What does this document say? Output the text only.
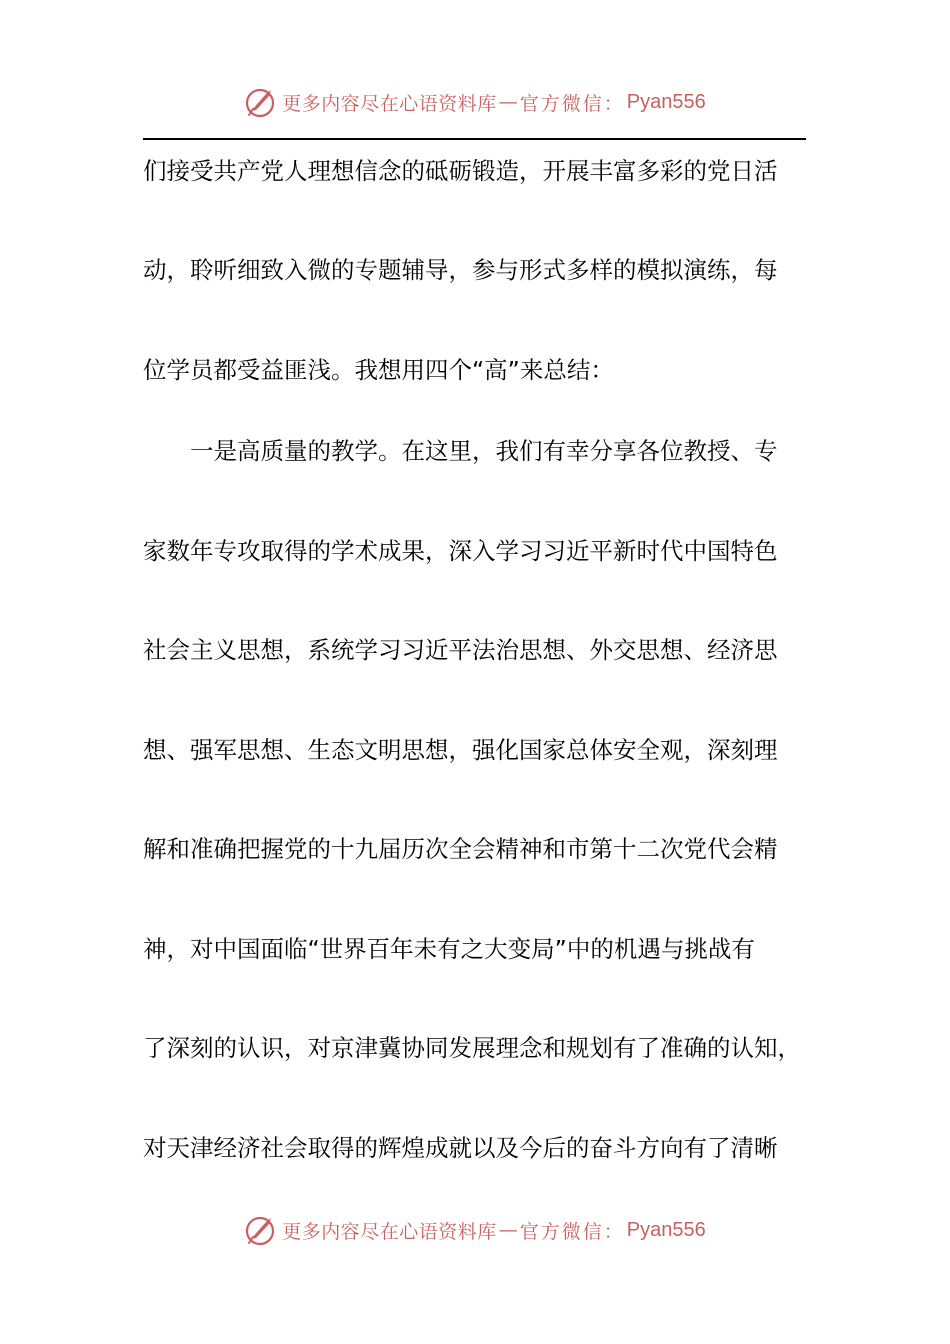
更多内容尽在心语资料库 — 官方微信： Pyan556
们接受共产党人理想信念的砥砺锻造，开展丰富多彩的党日活
动，聆听细致入微的专题辅导，参与形式多样的模拟演练，每
位学员都受益匪浅。我想用四个“高”来总结：
　　一是高质量的教学。在这里，我们有幸分享各位教授、专
家数年专攻取得的学术成果，深入学习习近平新时代中国特色
社会主义思想，系统学习习近平法治思想、外交思想、经济思
想、强军思想、生态文明思想，强化国家总体安全观，深刻理
解和准确把握党的十九届历次全会精神和市第十二次党代会精
神，对中国面临“世界百年未有之大变局”中的机遇与挑战有
了深刻的认识，对京津冀协同发展理念和规划有了准确的认知，
对天津经济社会取得的辉煌成就以及今后的奋斗方向有了清晰
更多内容尽在心语资料库 — 官方微信： Pyan556
